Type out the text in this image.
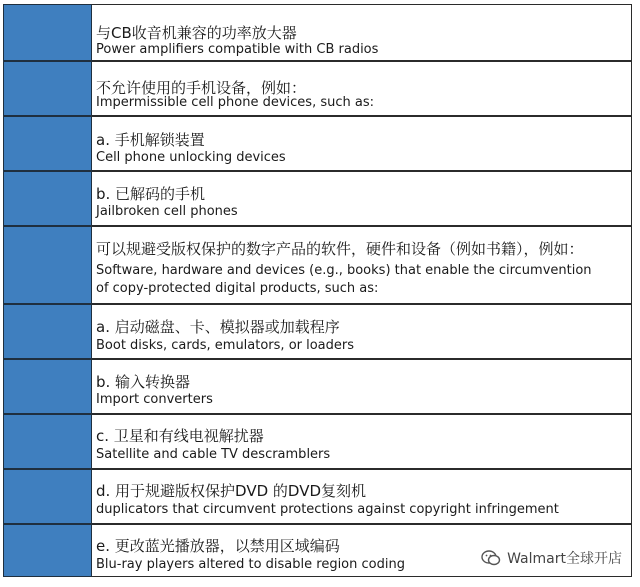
与CB收音机兼容的功率放大器
Power amplifiers compatible with CB radios
不允许使用的手机设备，例如：
Impermissible cell phone devices, such as:
a. 手机解锁装置
Cell phone unlocking devices
b. 已解码的手机
Jailbroken cell phones
可以规避受版权保护的数字产品的软件，硬件和设备（例如书籍），例如：
Software, hardware and devices (e.g., books) that enable the circumvention
of copy-protected digital products, such as:
a. 启动磁盘、卡、模拟器或加载程序
Boot disks, cards, emulators, or loaders
b. 输入转换器
Import converters
c. 卫星和有线电视解扰器
Satellite and cable TV descramblers
d. 用于规避版权保护DVD 的DVD复刻机
duplicators that circumvent protections against copyright infringement
e. 更改蓝光播放器，以禁用区域编码
Blu-ray players altered to disable region coding	Walmart全球开店
